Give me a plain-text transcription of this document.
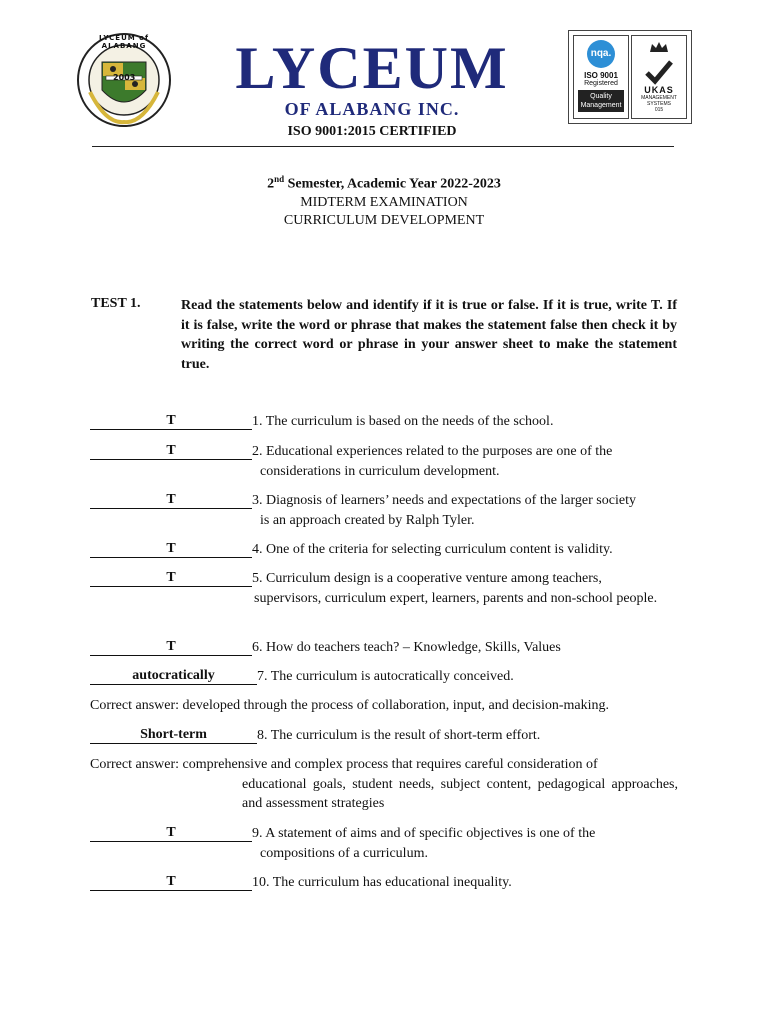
2003
LYCEUM of ALABANG	LYCEUM
OF ALABANG INC.
ISO 9001:2015 CERTIFIED
nqa.
ISO 9001
Registered
Quality
Management
UKAS
MANAGEMENT
SYSTEMS
015
2nd Semester, Academic Year 2022-2023
MIDTERM EXAMINATION
CURRICULUM DEVELOPMENT
TEST 1.	Read the statements below and identify if it is true or false. If it is true, write T. If it is false, write the word or phrase that makes the statement false then check it by writing the correct word or phrase in your answer sheet to make the statement true.
T	1. The curriculum is based on the needs of the school.
T	2. Educational experiences related to the purposes are one of the
considerations in curriculum development.
T	3. Diagnosis of learners’ needs and expectations of the larger society
is an approach created by Ralph Tyler.
T	4. One of the criteria for selecting curriculum content is validity.
T	5. Curriculum design is a cooperative venture among teachers,
supervisors, curriculum expert, learners, parents and non-school people.
T	6. How do teachers teach? – Knowledge, Skills, Values
autocratically	7. The curriculum is autocratically conceived.
Correct answer: developed through the process of collaboration, input, and decision-making.
Short-term	8. The curriculum is the result of short-term effort.
Correct answer: comprehensive and complex process that requires careful consideration of
educational goals, student needs, subject content, pedagogical approaches, and assessment strategies
T	9. A statement of aims and of specific objectives is one of the
compositions of a curriculum.
T	10. The curriculum has educational inequality.
